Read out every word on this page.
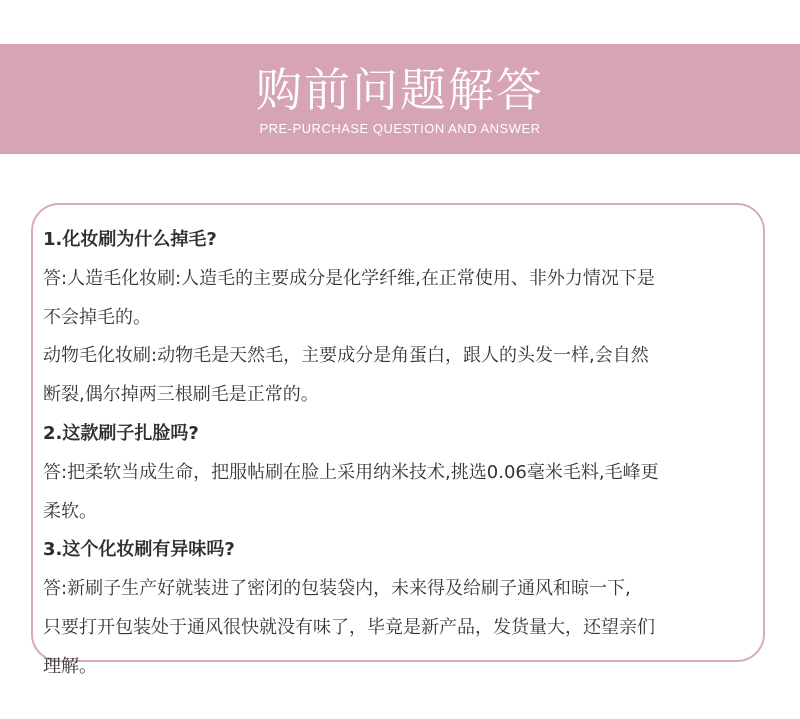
购前问题解答
PRE-PURCHASE QUESTION AND ANSWER
1.化妆刷为什么掉毛?
答:人造毛化妆刷:人造毛的主要成分是化学纤维,在正常使用、非外力情况下是
不会掉毛的。
动物毛化妆刷:动物毛是天然毛，主要成分是角蛋白，跟人的头发一样,会自然
断裂,偶尔掉两三根刷毛是正常的。
2.这款刷子扎脸吗?
答:把柔软当成生命，把服帖刷在脸上采用纳米技术,挑选0.06毫米毛料,毛峰更
柔软。
3.这个化妆刷有异味吗?
答:新刷子生产好就装进了密闭的包装袋内，未来得及给刷子通风和晾一下,
只要打开包装处于通风很快就没有味了，毕竟是新产品，发货量大，还望亲们
理解。
